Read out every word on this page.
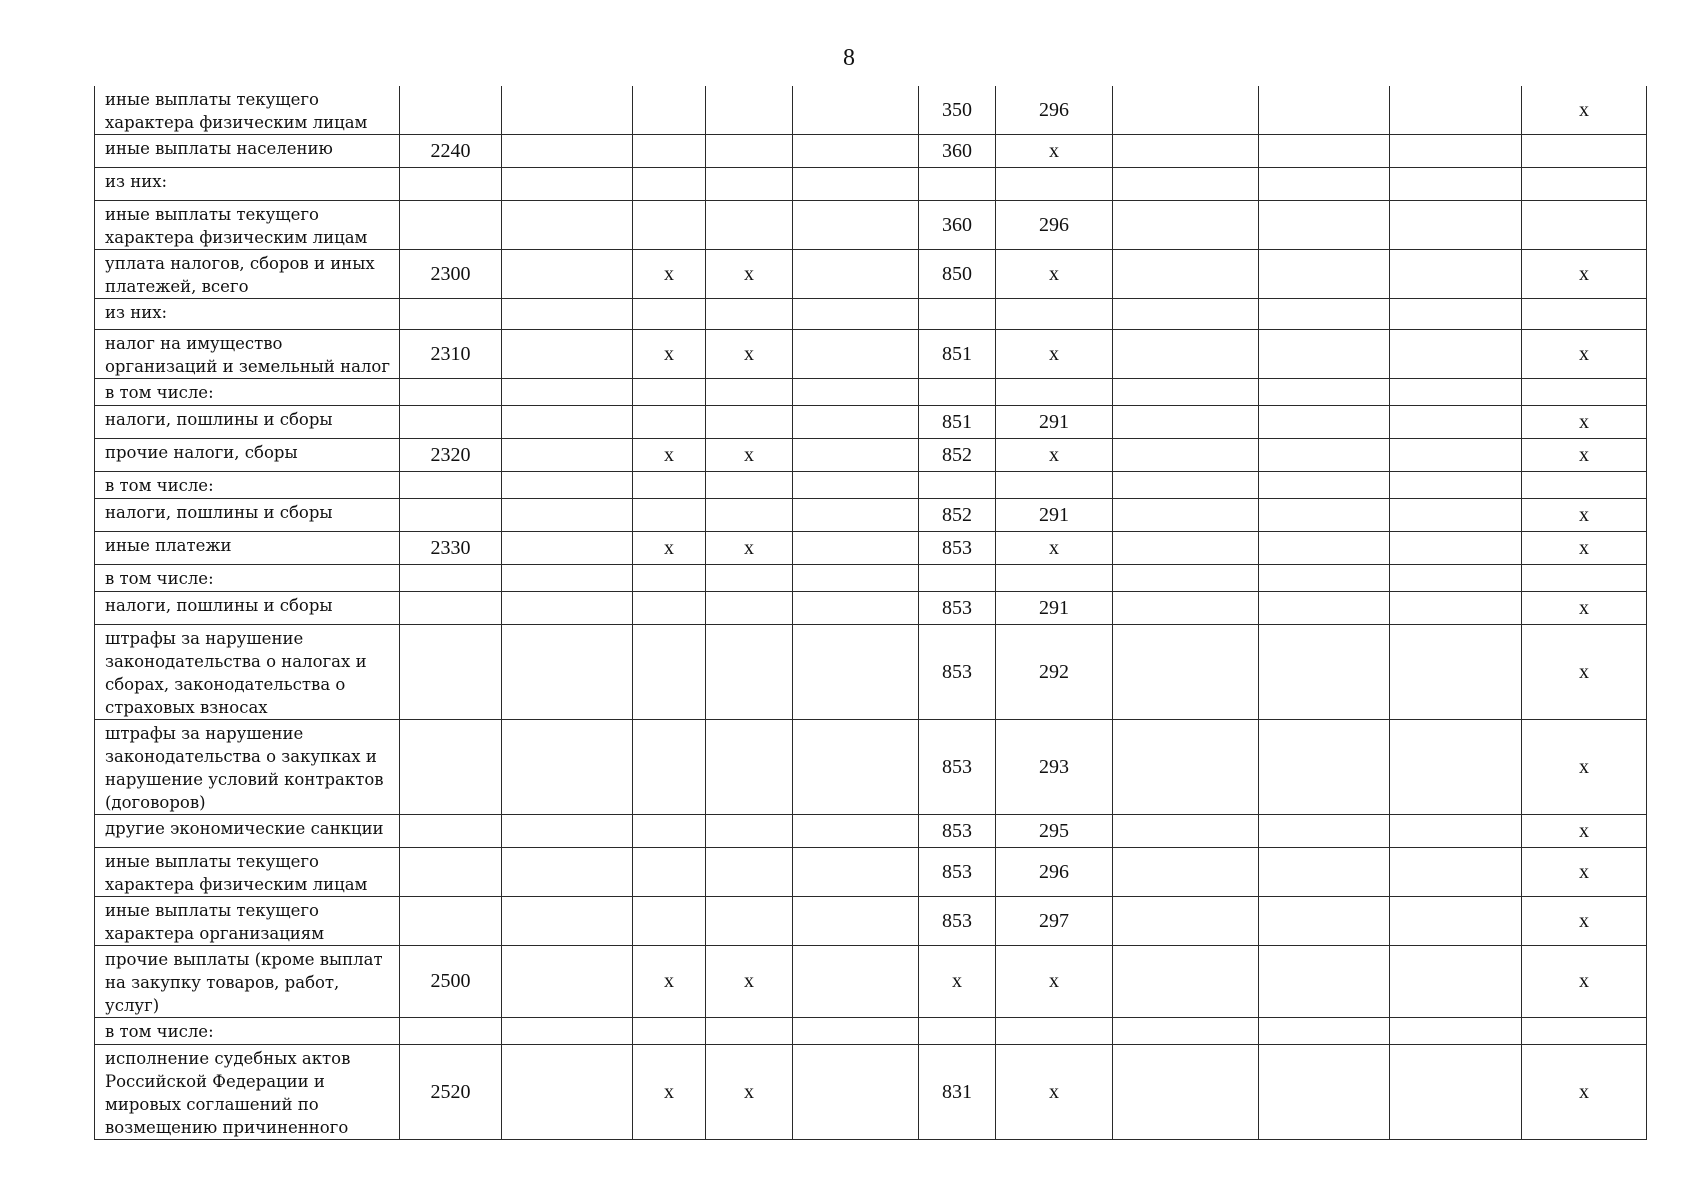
8
иные выплаты текущего характера физическим лицам						350	296				x
иные выплаты населению	2240					360	x				
из них:											
иные выплаты текущего характера физическим лицам						360	296				
уплата налогов, сборов и иных платежей, всего	2300		x	x		850	x				x
из них:											
налог на имущество организаций и земельный налог	2310		x	x		851	x				x
в том числе:											
налоги, пошлины и сборы						851	291				x
прочие налоги, сборы	2320		x	x		852	x				x
в том числе:											
налоги, пошлины и сборы						852	291				x
иные платежи	2330		x	x		853	x				x
в том числе:											
налоги, пошлины и сборы						853	291				x
штрафы за нарушение законодательства о налогах и сборах, законодательства о страховых взносах						853	292				x
штрафы за нарушение законодательства о закупках и нарушение условий контрактов (договоров)						853	293				x
другие экономические санкции						853	295				x
иные выплаты текущего характера физическим лицам						853	296				x
иные выплаты текущего характера организациям						853	297				x
прочие выплаты (кроме выплат на закупку товаров, работ, услуг)	2500		x	x		x	x				x
в том числе:											
исполнение судебных актов Российской Федерации и мировых соглашений по возмещению причиненного	2520		x	x		831	x				x
